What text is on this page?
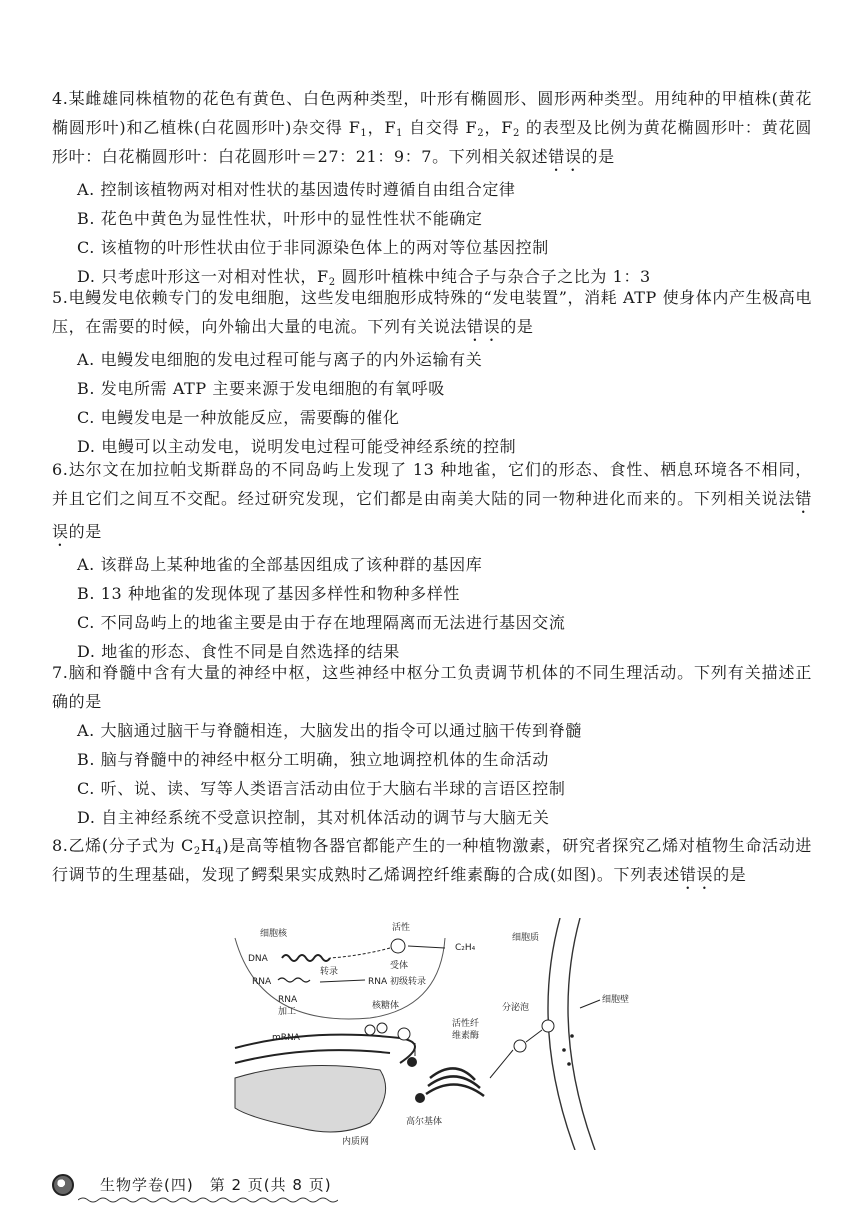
4.某雌雄同株植物的花色有黄色、白色两种类型，叶形有椭圆形、圆形两种类型。用纯种的甲植株(黄花椭圆形叶)和乙植株(白花圆形叶)杂交得 $F_1$，$F_1$ 自交得 $F_2$，$F_2$ 的表型及比例为黄花椭圆形叶：黄花圆形叶：白花椭圆形叶：白花圆形叶＝27：21：9：7。下列相关叙述错误的是
A. 控制该植物两对相对性状的基因遗传时遵循自由组合定律
B. 花色中黄色为显性性状，叶形中的显性性状不能确定
C. 该植物的叶形性状由位于非同源染色体上的两对等位基因控制
D. 只考虑叶形这一对相对性状，$F_2$ 圆形叶植株中纯合子与杂合子之比为 1：3
5.电鳗发电依赖专门的发电细胞，这些发电细胞形成特殊的“发电装置”，消耗 ATP 使身体内产生极高电压，在需要的时候，向外输出大量的电流。下列有关说法错误的是
A. 电鳗发电细胞的发电过程可能与离子的内外运输有关
B. 发电所需 ATP 主要来源于发电细胞的有氧呼吸
C. 电鳗发电是一种放能反应，需要酶的催化
D. 电鳗可以主动发电，说明发电过程可能受神经系统的控制
6.达尔文在加拉帕戈斯群岛的不同岛屿上发现了 13 种地雀，它们的形态、食性、栖息环境各不相同，并且它们之间互不交配。经过研究发现，它们都是由南美大陆的同一物种进化而来的。下列相关说法错误的是
A. 该群岛上某种地雀的全部基因组成了该种群的基因库
B. 13 种地雀的发现体现了基因多样性和物种多样性
C. 不同岛屿上的地雀主要是由于存在地理隔离而无法进行基因交流
D. 地雀的形态、食性不同是自然选择的结果
7.脑和脊髓中含有大量的神经中枢，这些神经中枢分工负责调节机体的不同生理活动。下列有关描述正确的是
A. 大脑通过脑干与脊髓相连，大脑发出的指令可以通过脑干传到脊髓
B. 脑与脊髓中的神经中枢分工明确，独立地调控机体的生命活动
C. 听、说、读、写等人类语言活动由位于大脑右半球的言语区控制
D. 自主神经系统不受意识控制，其对机体活动的调节与大脑无关
8.乙烯(分子式为 $C_2H_4$)是高等植物各器官都能产生的一种植物激素，研究者探究乙烯对植物生命活动进行调节的生理基础，发现了鳄梨果实成熟时乙烯调控纤维素酶的合成(如图)。下列表述错误的是
细胞核
DNA
活性
受体
C₂H₄
细胞质
RNA
转录
RNA 初级转录
RNA
加工
核糖体	分泌泡
活性纤
维素酶
细胞壁
mRNA
高尔基体
内质网
生物学卷(四)　第 2 页(共 8 页)
